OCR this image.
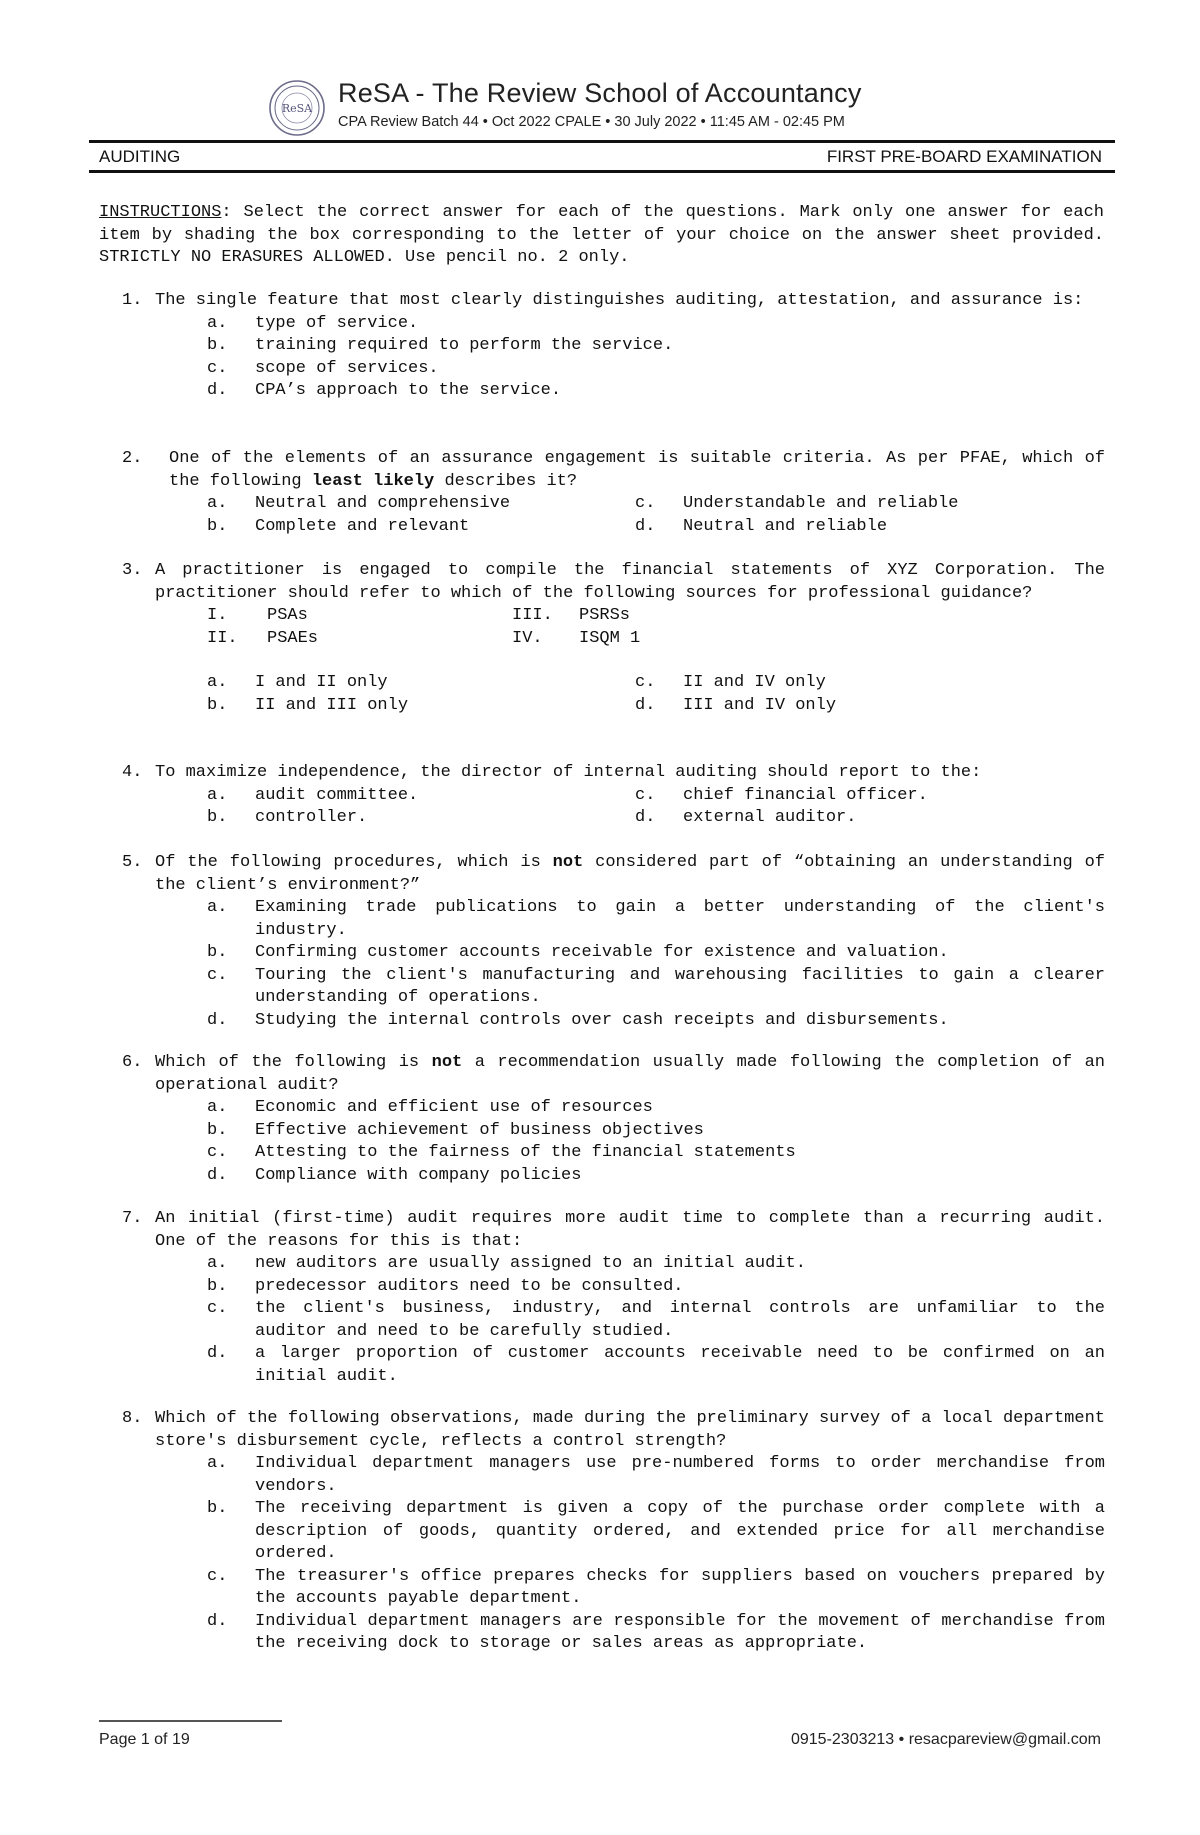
ReSA
ReSA - The Review School of Accountancy
CPA Review Batch 44 • Oct 2022 CPALE • 30 July 2022 • 11:45 AM - 02:45 PM
AUDITING	FIRST PRE-BOARD EXAMINATION
INSTRUCTIONS: Select the correct answer for each of the questions. Mark only one answer for each item by shading the box corresponding to the letter of your choice on the answer sheet provided. STRICTLY NO ERASURES ALLOWED. Use pencil no. 2 only.
1. The single feature that most clearly distinguishes auditing, attestation, and assurance is:
a. type of service.
b. training required to perform the service.
c. scope of services.
d. CPA’s approach to the service.
2. One of the elements of an assurance engagement is suitable criteria. As per PFAE, which of the following least likely describes it?
a. Neutral and comprehensive
b. Complete and relevant
c. Understandable and reliable
d. Neutral and reliable
3. A practitioner is engaged to compile the financial statements of XYZ Corporation. The practitioner should refer to which of the following sources for professional guidance?
I. PSAs
II. PSAEs
III. PSRSs
IV. ISQM 1
a. I and II only
b. II and III only
c. II and IV only
d. III and IV only
4. To maximize independence, the director of internal auditing should report to the:
a. audit committee.
b. controller.
c. chief financial officer.
d. external auditor.
5. Of the following procedures, which is not considered part of “obtaining an understanding of the client’s environment?”
a. Examining trade publications to gain a better understanding of the client's industry.
b. Confirming customer accounts receivable for existence and valuation.
c. Touring the client's manufacturing and warehousing facilities to gain a clearer understanding of operations.
d. Studying the internal controls over cash receipts and disbursements.
6. Which of the following is not a recommendation usually made following the completion of an operational audit?
a. Economic and efficient use of resources
b. Effective achievement of business objectives
c. Attesting to the fairness of the financial statements
d. Compliance with company policies
7. An initial (first-time) audit requires more audit time to complete than a recurring audit. One of the reasons for this is that:
a. new auditors are usually assigned to an initial audit.
b. predecessor auditors need to be consulted.
c. the client's business, industry, and internal controls are unfamiliar to the auditor and need to be carefully studied.
d. a larger proportion of customer accounts receivable need to be confirmed on an initial audit.
8. Which of the following observations, made during the preliminary survey of a local department store's disbursement cycle, reflects a control strength?
a. Individual department managers use pre-numbered forms to order merchandise from vendors.
b. The receiving department is given a copy of the purchase order complete with a description of goods, quantity ordered, and extended price for all merchandise ordered.
c. The treasurer's office prepares checks for suppliers based on vouchers prepared by the accounts payable department.
d. Individual department managers are responsible for the movement of merchandise from the receiving dock to storage or sales areas as appropriate.
Page 1 of 19	0915-2303213 • resacpareview@gmail.com
